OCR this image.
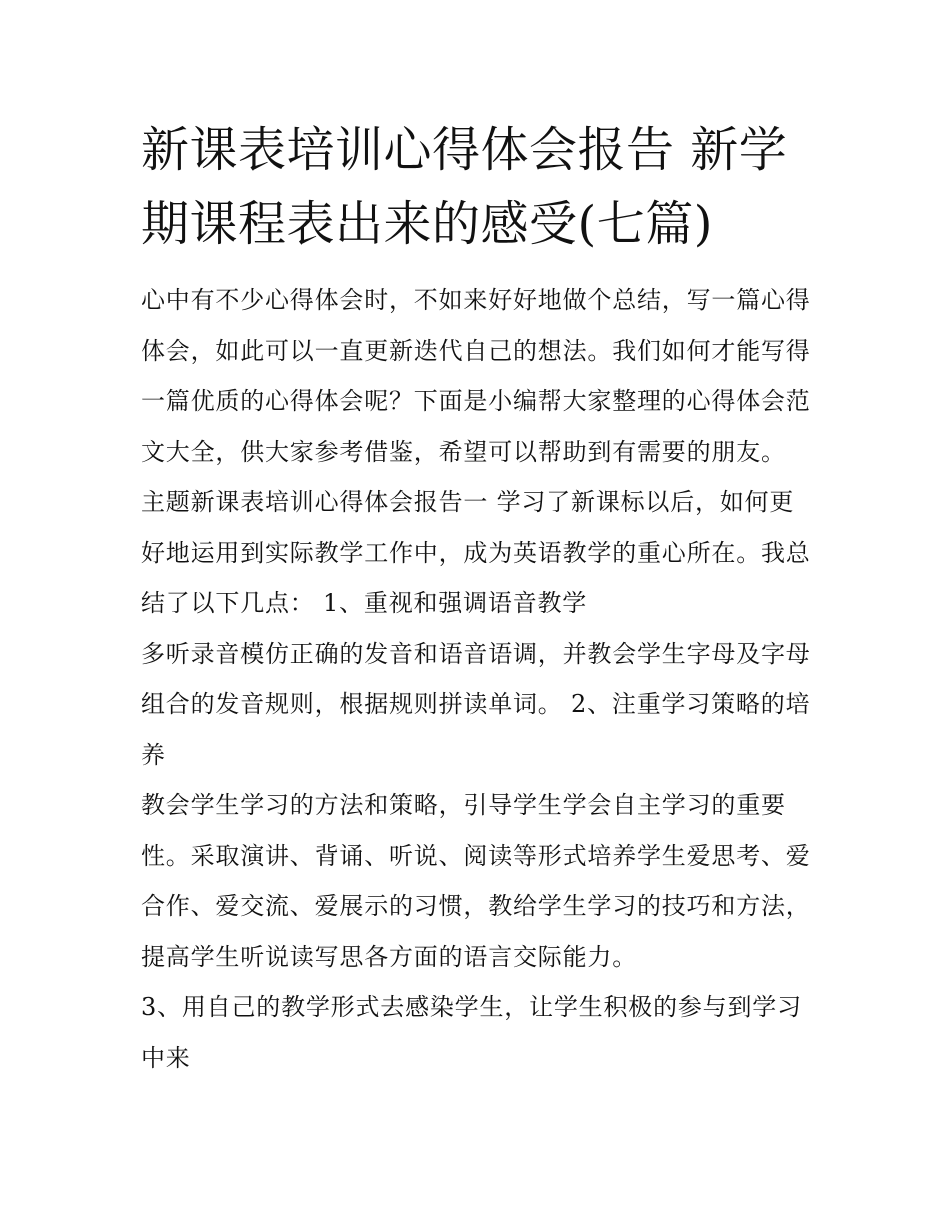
新课表培训心得体会报告 新学
期课程表出来的感受(七篇)

心中有不少心得体会时，不如来好好地做个总结，写一篇心得
体会，如此可以一直更新迭代自己的想法。我们如何才能写得
一篇优质的心得体会呢？下面是小编帮大家整理的心得体会范
文大全，供大家参考借鉴，希望可以帮助到有需要的朋友。

主题新课表培训心得体会报告一 学习了新课标以后，如何更
好地运用到实际教学工作中，成为英语教学的重心所在。我总
结了以下几点： 1、重视和强调语音教学

多听录音模仿正确的发音和语音语调，并教会学生字母及字母
组合的发音规则，根据规则拼读单词。 2、注重学习策略的培
养

教会学生学习的方法和策略，引导学生学会自主学习的重要
性。采取演讲、背诵、听说、阅读等形式培养学生爱思考、爱
合作、爱交流、爱展示的习惯，教给学生学习的技巧和方法，
提高学生听说读写思各方面的语言交际能力。

3、用自己的教学形式去感染学生，让学生积极的参与到学习
中来
